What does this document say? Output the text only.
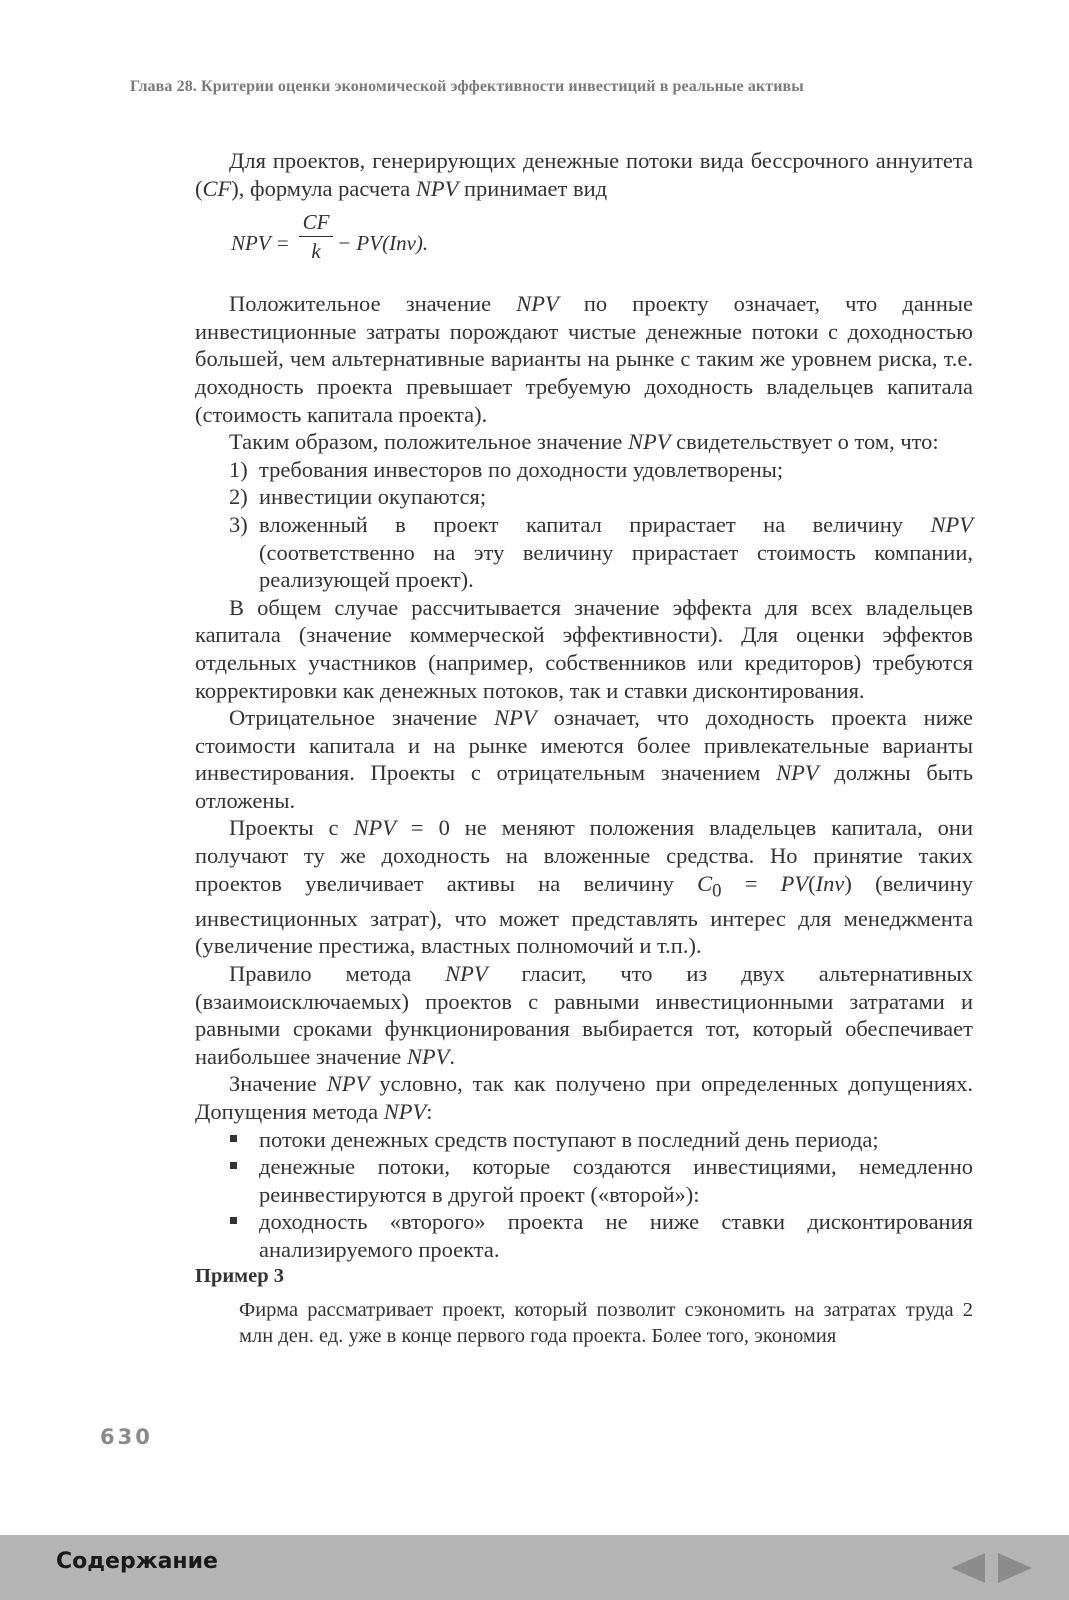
Глава 28. Критерии оценки экономической эффективности инвестиций в реальные активы

Для проектов, генерирующих денежные потоки вида бессрочного аннуитета (CF), формула расчета NPV принимает вид

NPV =
CF
k − PV(Inv).

Положительное значение NPV по проекту означает, что данные инвестиционные затраты порождают чистые денежные потоки с доходностью большей, чем альтернативные варианты на рынке с таким же уровнем риска, т.е. доходность проекта превышает требуемую доходность владельцев капитала (стоимость капитала проекта).

Таким образом, положительное значение NPV свидетельствует о том, что:

1) требования инвесторов по доходности удовлетворены;
2) инвестиции окупаются;
3) вложенный в проект капитал прирастает на величину NPV (соответственно на эту величину прирастает стоимость компании, реализующей проект).

В общем случае рассчитывается значение эффекта для всех владельцев капитала (значение коммерческой эффективности). Для оценки эффектов отдельных участников (например, собственников или кредиторов) требуются корректировки как денежных потоков, так и ставки дисконтирования.

Отрицательное значение NPV означает, что доходность проекта ниже стоимости капитала и на рынке имеются более привлекательные варианты инвестирования. Проекты с отрицательным значением NPV должны быть отложены.

Проекты с NPV = 0 не меняют положения владельцев капитала, они получают ту же доходность на вложенные средства. Но принятие таких проектов увеличивает активы на величину $C_0 = PV(Inv)$ (величину инвестиционных затрат), что может представлять интерес для менеджмента (увеличение престижа, властных полномочий и т.п.).

Правило метода NPV гласит, что из двух альтернативных (взаимоисключаемых) проектов с равными инвестиционными затратами и равными сроками функционирования выбирается тот, который обеспечивает наибольшее значение NPV.

Значение NPV условно, так как получено при определенных допущениях. Допущения метода NPV:

потоки денежных средств поступают в последний день периода;
денежные потоки, которые создаются инвестициями, немедленно реинвестируются в другой проект («второй»):
доходность «второго» проекта не ниже ставки дисконтирования анализируемого проекта.

Пример 3

Фирма рассматривает проект, который позволит сэкономить на затратах труда 2 млн ден. ед. уже в конце первого года проекта. Более того, экономия
630
Содержание
